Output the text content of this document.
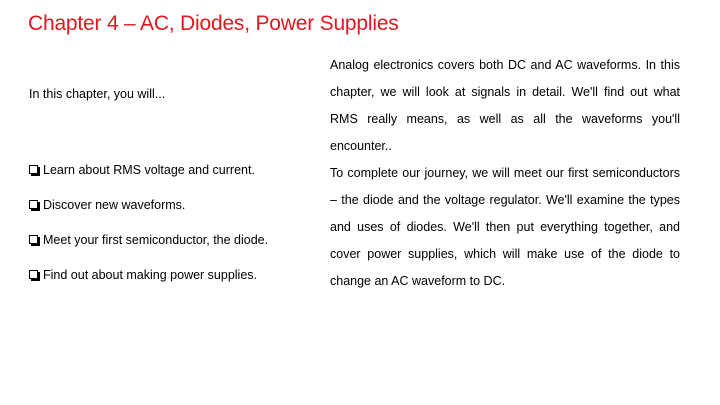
Chapter 4 – AC, Diodes, Power Supplies
In this chapter, you will...
Learn about RMS voltage and current.
Discover new waveforms.
Meet your first semiconductor, the diode.
Find out about making power supplies.

Analog electronics covers both DC and AC waveforms. In this chapter, we will look at signals in detail. We'll find out what RMS really means, as well as all the waveforms you'll encounter..

To complete our journey, we will meet our first semiconductors – the diode and the voltage regulator. We'll examine the types and uses of diodes. We'll then put everything together, and cover power supplies, which will make use of the diode to change an AC waveform to DC.
